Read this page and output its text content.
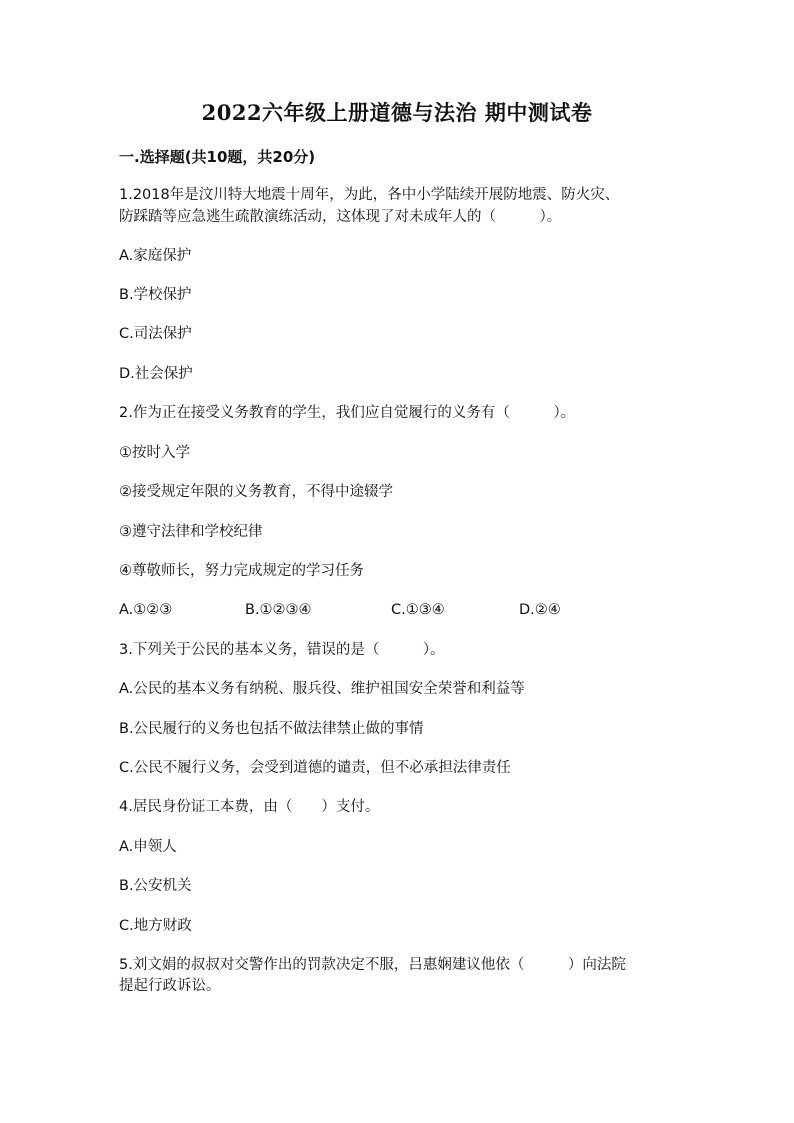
2022六年级上册道德与法治 期中测试卷
一.选择题(共10题，共20分)
1.2018年是汶川特大地震十周年，为此，各中小学陆续开展防地震、防火灾、
防踩踏等应急逃生疏散演练活动，这体现了对未成年人的（　　　）。
A.家庭保护
B.学校保护
C.司法保护
D.社会保护
2.作为正在接受义务教育的学生，我们应自觉履行的义务有（　　　）。
①按时入学
②接受规定年限的义务教育，不得中途辍学
③遵守法律和学校纪律
④尊敬师长，努力完成规定的学习任务
A.①②③	B.①②③④	C.①③④	D.②④
3.下列关于公民的基本义务，错误的是（　　　）。
A.公民的基本义务有纳税、服兵役、维护祖国安全荣誉和利益等
B.公民履行的义务也包括不做法律禁止做的事情
C.公民不履行义务，会受到道德的谴责，但不必承担法律责任
4.居民身份证工本费，由（　　）支付。
A.申领人
B.公安机关
C.地方财政
5.刘文娟的叔叔对交警作出的罚款决定不服，吕惠娴建议他依（　　　）向法院
提起行政诉讼。
